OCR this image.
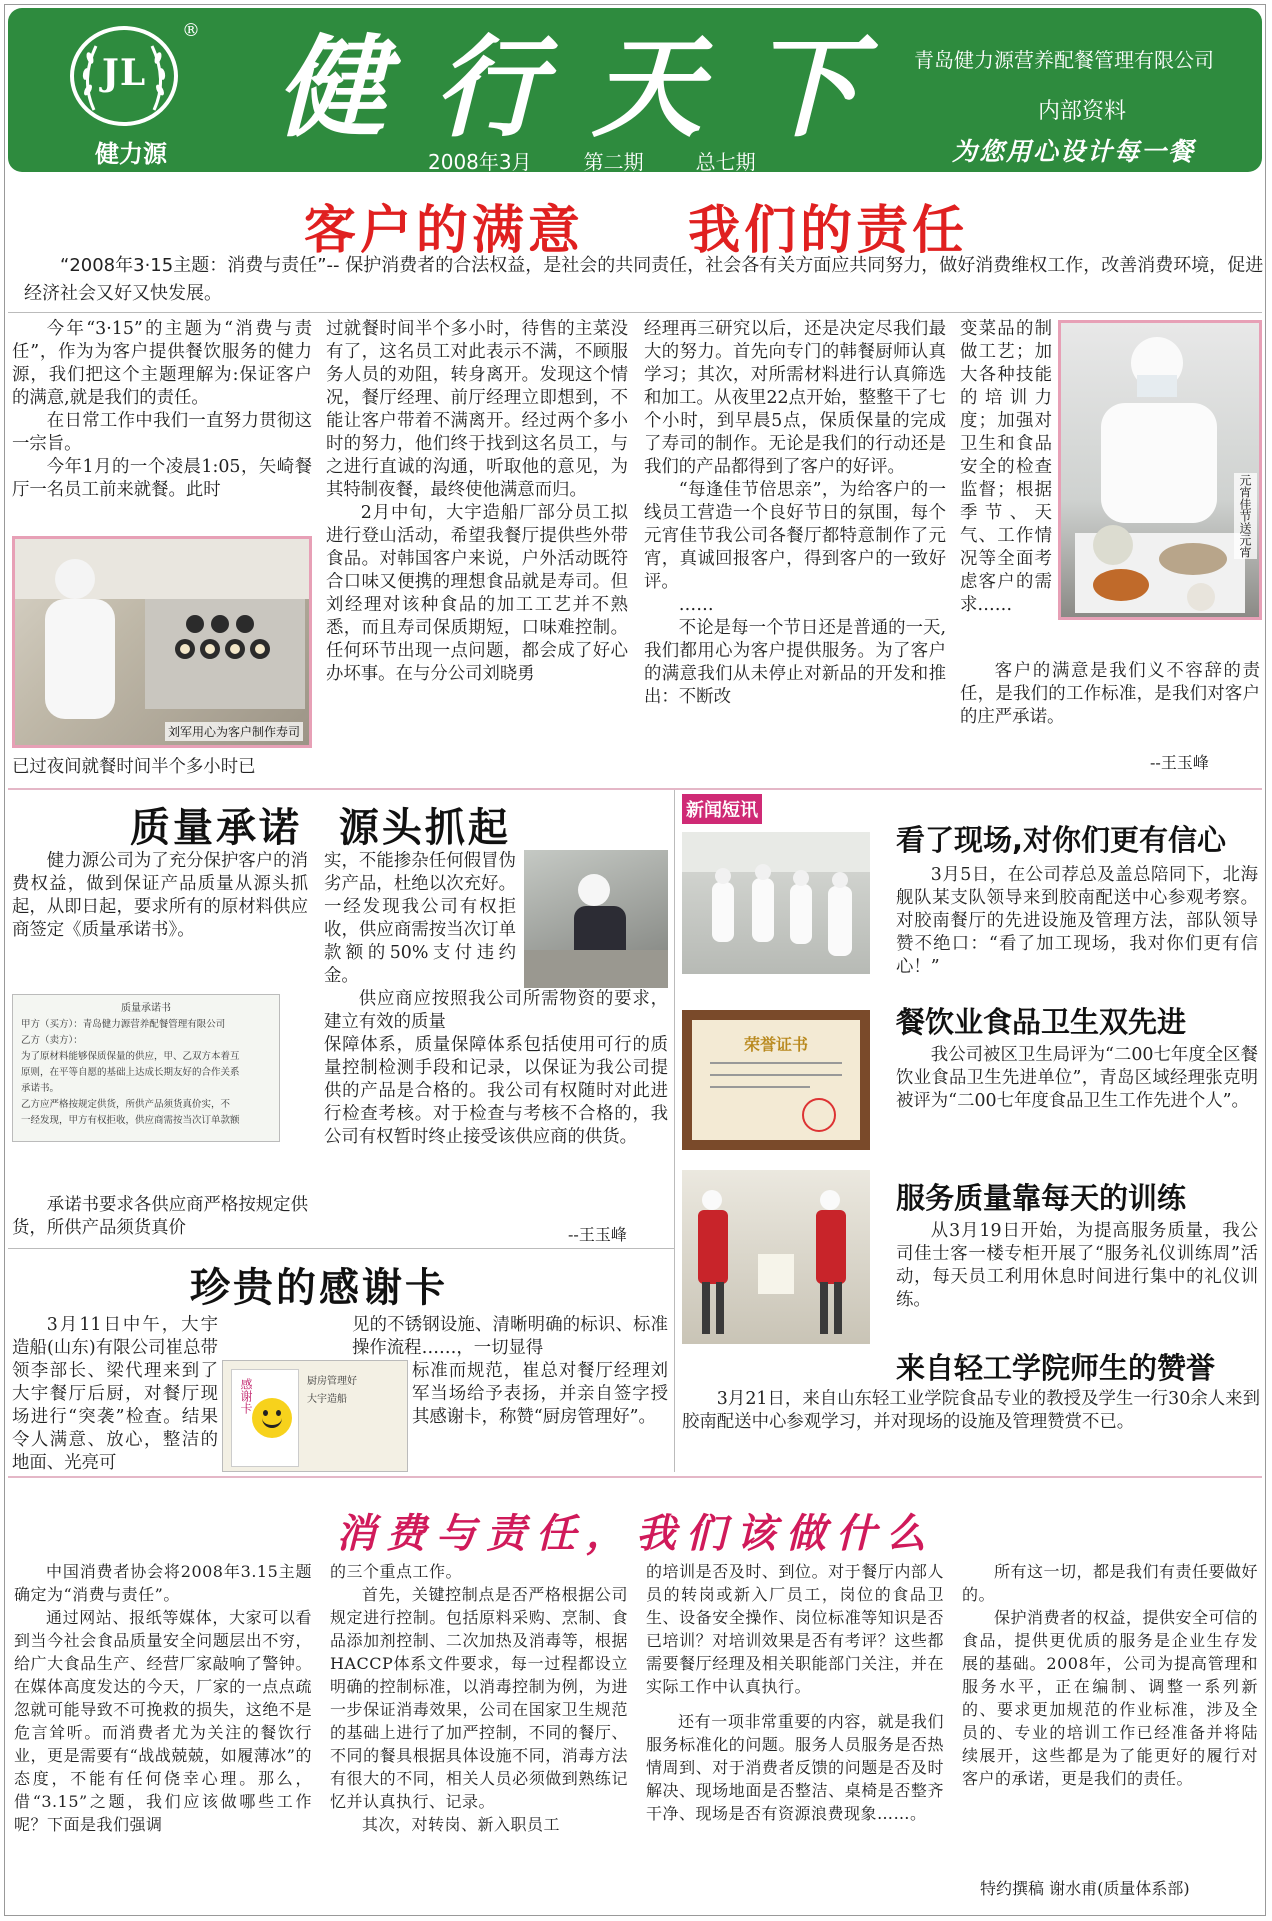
JL
®
健力源
健行天下
2008年3月	第二期	总七期
青岛健力源营养配餐管理有限公司
内部资料
为您用心设计每一餐
客户的满意  我们的责任
“2008年3·15主题：消费与责任”-- 保护消费者的合法权益，是社会的共同责任，社会各有关方面应共同努力，做好消费维权工作，改善消费环境，促进经济社会又好又快发展。

今年“3·15”的主题为“消费与责任”，作为为客户提供餐饮服务的健力源，我们把这个主题理解为:保证客户的满意,就是我们的责任。

在日常工作中我们一直努力贯彻这一宗旨。

今年1月的一个凌晨1:05，矢崎餐厅一名员工前来就餐。此时

刘军用心为客户制作寿司
已过夜间就餐时间半个多小时已

过就餐时间半个多小时，待售的主菜没有了，这名员工对此表示不满，不顾服务人员的劝阻，转身离开。发现这个情况，餐厅经理、前厅经理立即想到，不能让客户带着不满离开。经过两个多小时的努力，他们终于找到这名员工，与之进行直诚的沟通，听取他的意见，为其特制夜餐，最终使他满意而归。

2月中旬，大宇造船厂部分员工拟进行登山活动，希望我餐厅提供些外带食品。对韩国客户来说，户外活动既符合口味又便携的理想食品就是寿司。但刘经理对该种食品的加工工艺并不熟悉，而且寿司保质期短，口味难控制。任何环节出现一点问题，都会成了好心办坏事。在与分公司刘晓勇

经理再三研究以后，还是决定尽我们最大的努力。首先向专门的韩餐厨师认真学习；其次，对所需材料进行认真筛选和加工。从夜里22点开始，整整干了七个小时，到早晨5点，保质保量的完成了寿司的制作。无论是我们的行动还是我们的产品都得到了客户的好评。

“每逢佳节倍思亲”，为给客户的一线员工营造一个良好节日的氛围，每个元宵佳节我公司各餐厅都特意制作了元宵，真诚回报客户，得到客户的一致好评。

……

不论是每一个节日还是普通的一天,我们都用心为客户提供服务。为了客户的满意我们从未停止对新品的开发和推出：不断改

变菜品的制做工艺；加大各种技能的培训力度；加强对卫生和食品安全的检查监督；根据季节、天气、工作情况等全面考虑客户的需求……
元宵佳节送元宵
客户的满意是我们义不容辞的责任，是我们的工作标准，是我们对客户的庄严承诺。
--王玉峰
质量承诺 源头抓起
健力源公司为了充分保护客户的消费权益，做到保证产品质量从源头抓起，从即日起，要求所有的原材料供应商签定《质量承诺书》。
质量承诺书
甲方（买方）：青岛健力源营养配餐管理有限公司
乙方（卖方）：
为了原材料能够保质保量的供应，甲、乙双方本着互
原则，在平等自愿的基础上达成长期友好的合作关系
承诺书。
乙方应严格按规定供货，所供产品须货真价实，不
一经发现，甲方有权拒收，供应商需按当次订单款额
承诺书要求各供应商严格按规定供货，所供产品须货真价
实，不能掺杂任何假冒伪劣产品，杜绝以次充好。一经发现我公司有权拒收，供应商需按当次订单款额的50%支付违约金。
供应商应按照我公司所需物资的要求，建立有效的质量
保障体系，质量保障体系包括使用可行的质量控制检测手段和记录，以保证为我公司提供的产品是合格的。我公司有权随时对此进行检查考核。对于检查与考核不合格的，我公司有权暂时终止接受该供应商的供货。
--王玉峰
珍贵的感谢卡
3月11日中午，大宇造船(山东)有限公司崔总带领李部长、梁代理来到了大宇餐厅后厨，对餐厅现场进行“突袭”检查。结果令人满意、放心，整洁的地面、光亮可
见的不锈钢设施、清晰明确的标识、标准操作流程……，一切显得
感谢卡	厨房管理好
大宇造船
标准而规范，崔总对餐厅经理刘军当场给予表扬，并亲自签字授其感谢卡，称赞“厨房管理好”。
新闻短讯
看了现场,对你们更有信心
3月5日，在公司荐总及盖总陪同下，北海舰队某支队领导来到胶南配送中心参观考察。对胶南餐厅的先进设施及管理方法，部队领导赞不绝口：“看了加工现场，我对你们更有信心！”
荣誉证书
餐饮业食品卫生双先进
我公司被区卫生局评为“二00七年度全区餐饮业食品卫生先进单位”，青岛区域经理张克明被评为“二00七年度食品卫生工作先进个人”。
服务质量靠每天的训练
从3月19日开始，为提高服务质量，我公司佳士客一楼专柜开展了“服务礼仪训练周”活动，每天员工利用休息时间进行集中的礼仪训练。
来自轻工学院师生的赞誉
3月21日，来自山东轻工业学院食品专业的教授及学生一行30余人来到胶南配送中心参观学习，并对现场的设施及管理赞赏不已。
消费与责任，我们该做什么

中国消费者协会将2008年3.15主题确定为“消费与责任”。

通过网站、报纸等媒体，大家可以看到当今社会食品质量安全问题层出不穷，给广大食品生产、经营厂家敲响了警钟。在媒体高度发达的今天，厂家的一点点疏忽就可能导致不可挽救的损失，这绝不是危言耸听。而消费者尤为关注的餐饮行业，更是需要有“战战兢兢，如履薄冰”的态度，不能有任何侥幸心理。那么，借“3.15”之题，我们应该做哪些工作呢？下面是我们强调

的三个重点工作。

首先，关键控制点是否严格根据公司规定进行控制。包括原料采购、烹制、食品添加剂控制、二次加热及消毒等，根据HACCP体系文件要求，每一过程都设立明确的控制标准，以消毒控制为例，为进一步保证消毒效果，公司在国家卫生规范的基础上进行了加严控制，不同的餐厅、不同的餐具根据具体设施不同，消毒方法有很大的不同，相关人员必须做到熟练记忆并认真执行、记录。

其次，对转岗、新入职员工

的培训是否及时、到位。对于餐厅内部人员的转岗或新入厂员工，岗位的食品卫生、设备安全操作、岗位标准等知识是否已培训？对培训效果是否有考评？这些都需要餐厅经理及相关职能部门关注，并在实际工作中认真执行。

还有一项非常重要的内容，就是我们服务标准化的问题。服务人员服务是否热情周到、对于消费者反馈的问题是否及时解决、现场地面是否整洁、桌椅是否整齐干净、现场是否有资源浪费现象……。

所有这一切，都是我们有责任要做好的。

保护消费者的权益，提供安全可信的食品，提供更优质的服务是企业生存发展的基础。2008年，公司为提高管理和服务水平，正在编制、调整一系列新的、要求更加规范的作业标准，涉及全员的、专业的培训工作已经准备并将陆续展开，这些都是为了能更好的履行对客户的承诺，更是我们的责任。

特约撰稿 谢水甫(质量体系部)
